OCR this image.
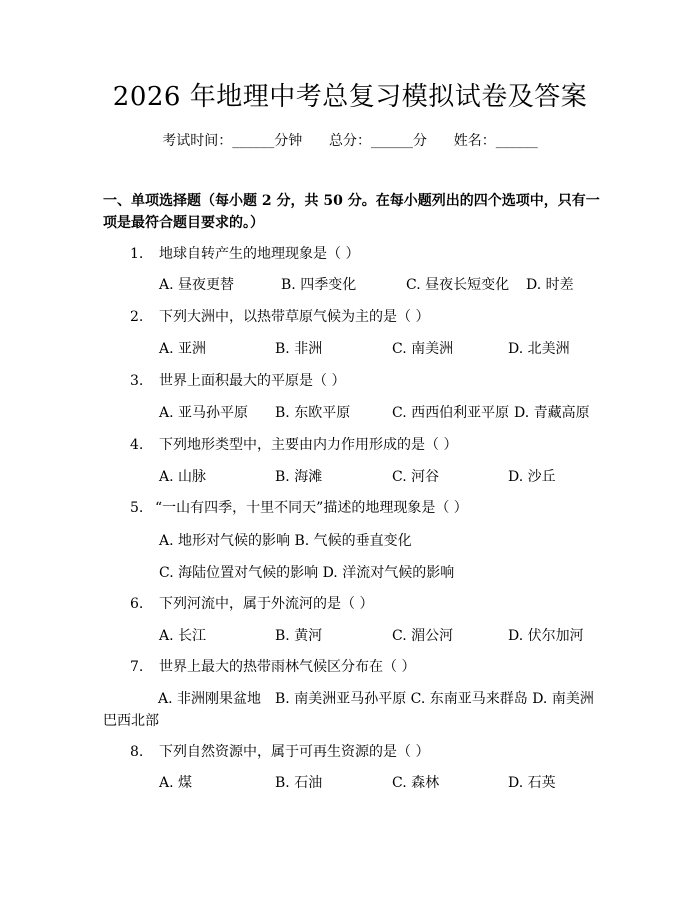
2026 年地理中考总复习模拟试卷及答案
考试时间：______分钟 总分：______分 姓名：______
一、单项选择题（每小题 2 分，共 50 分。在每小题列出的四个选项中，只有一项是最符合题目要求的。）
1. 地球自转产生的地理现象是（ ）
A. 昼夜更替	B. 四季变化	C. 昼夜长短变化 D. 时差
2. 下列大洲中，以热带草原气候为主的是（ ）
A. 亚洲	B. 非洲	C. 南美洲	D. 北美洲
3. 世界上面积最大的平原是（ ）
A. 亚马孙平原 B. 东欧平原	C. 西西伯利亚平原 D. 青藏高原
4. 下列地形类型中，主要由内力作用形成的是（ ）
A. 山脉	B. 海滩	C. 河谷	D. 沙丘
5. “一山有四季，十里不同天”描述的地理现象是（ ）
A. 地形对气候的影响 B. 气候的垂直变化
C. 海陆位置对气候的影响 D. 洋流对气候的影响
6. 下列河流中，属于外流河的是（ ）
A. 长江	B. 黄河	C. 湄公河	D. 伏尔加河
7. 世界上最大的热带雨林气候区分布在（ ）
A. 非洲刚果盆地　B. 南美洲亚马孙平原 C. 东南亚马来群岛 D. 南美洲巴西北部
8. 下列自然资源中，属于可再生资源的是（ ）
A. 煤	B. 石油	C. 森林	D. 石英
